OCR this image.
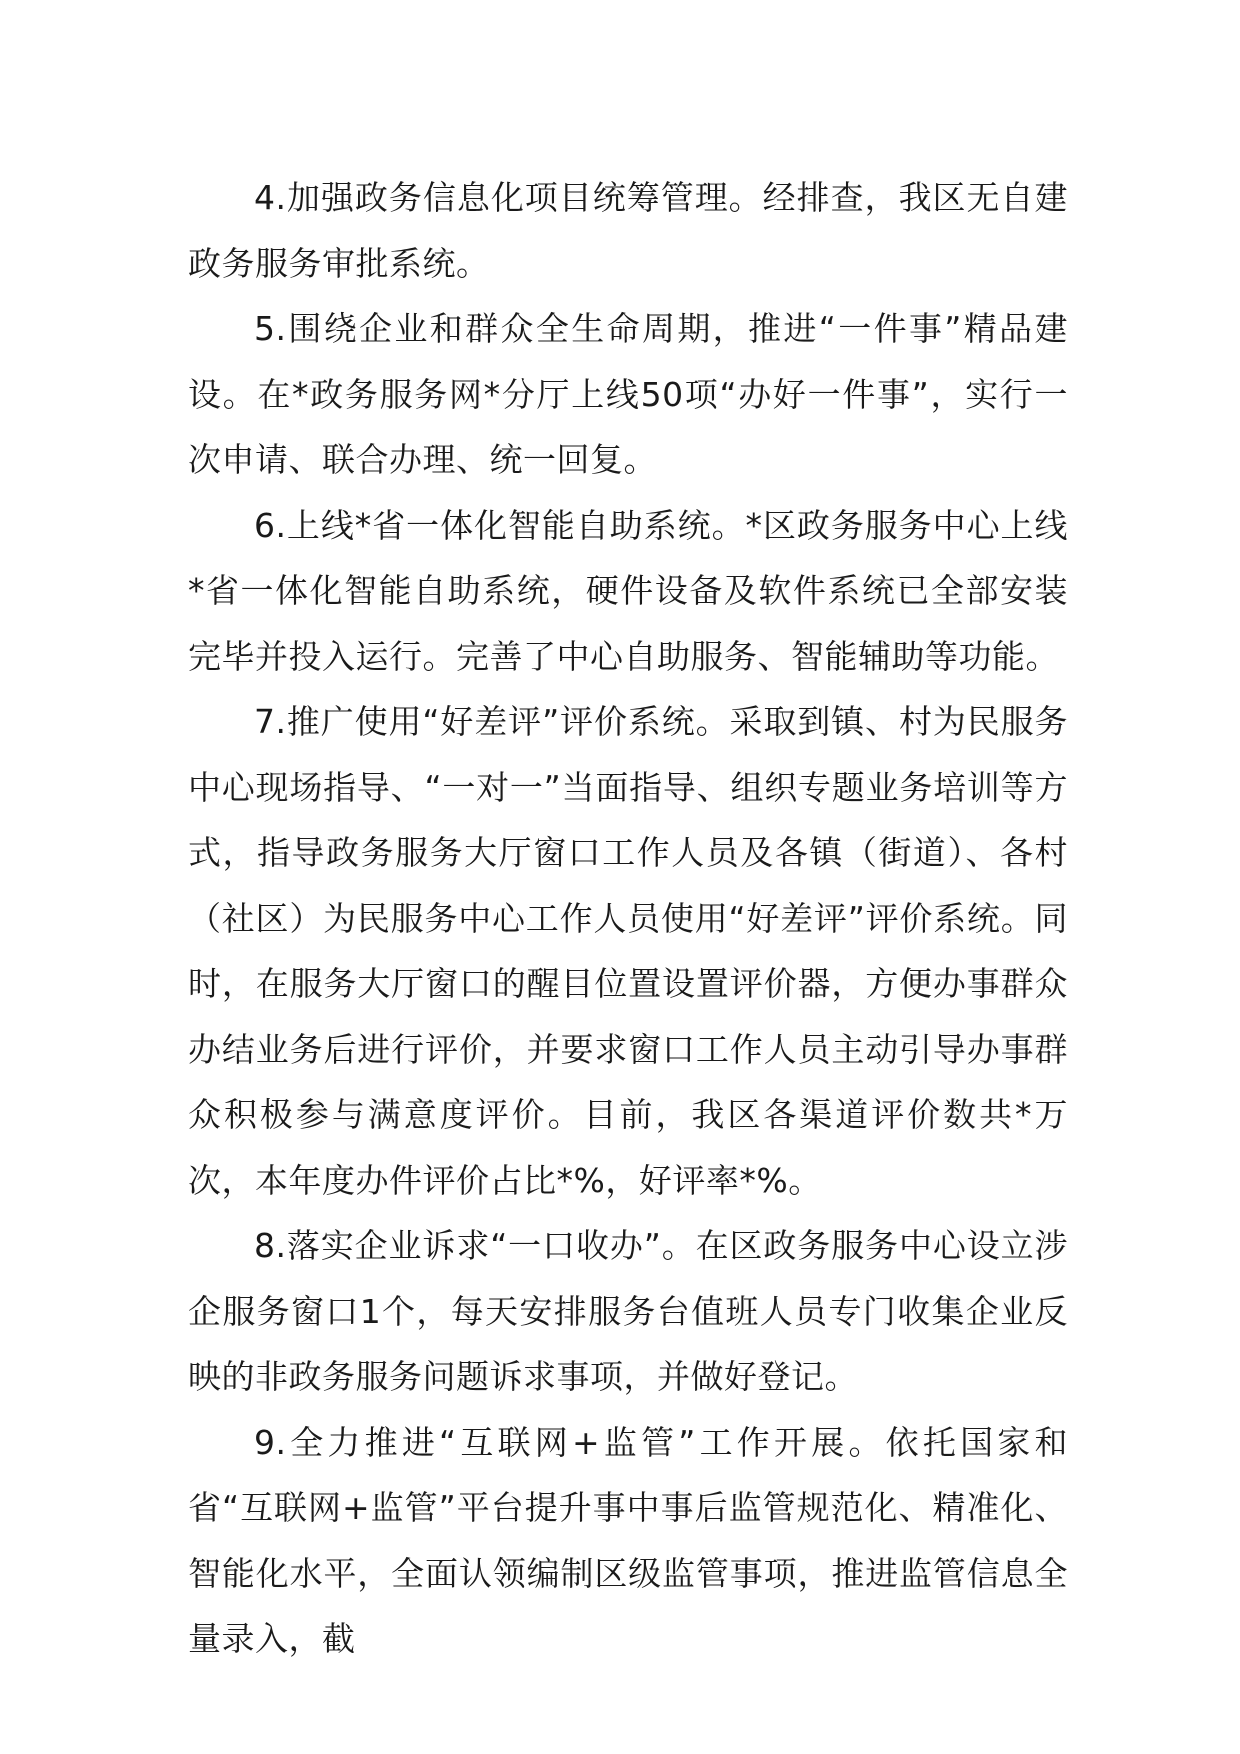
4.加强政务信息化项目统筹管理。经排查，我区无自建政务服务审批系统。

5.围绕企业和群众全生命周期，推进“一件事”精品建设。在*政务服务网*分厅上线50项“办好一件事”，实行一次申请、联合办理、统一回复。

6.上线*省一体化智能自助系统。*区政务服务中心上线*省一体化智能自助系统，硬件设备及软件系统已全部安装完毕并投入运行。完善了中心自助服务、智能辅助等功能。

7.推广使用“好差评”评价系统。采取到镇、村为民服务中心现场指导、“一对一”当面指导、组织专题业务培训等方式，指导政务服务大厅窗口工作人员及各镇（街道）、各村（社区）为民服务中心工作人员使用“好差评”评价系统。同时，在服务大厅窗口的醒目位置设置评价器，方便办事群众办结业务后进行评价，并要求窗口工作人员主动引导办事群众积极参与满意度评价。目前，我区各渠道评价数共*万次，本年度办件评价占比*%，好评率*%。

8.落实企业诉求“一口收办”。在区政务服务中心设立涉企服务窗口1个，每天安排服务台值班人员专门收集企业反映的非政务服务问题诉求事项，并做好登记。

9.全力推进“互联网+监管”工作开展。依托国家和省“互联网+监管”平台提升事中事后监管规范化、精准化、智能化水平，全面认领编制区级监管事项，推进监管信息全量录入，截
